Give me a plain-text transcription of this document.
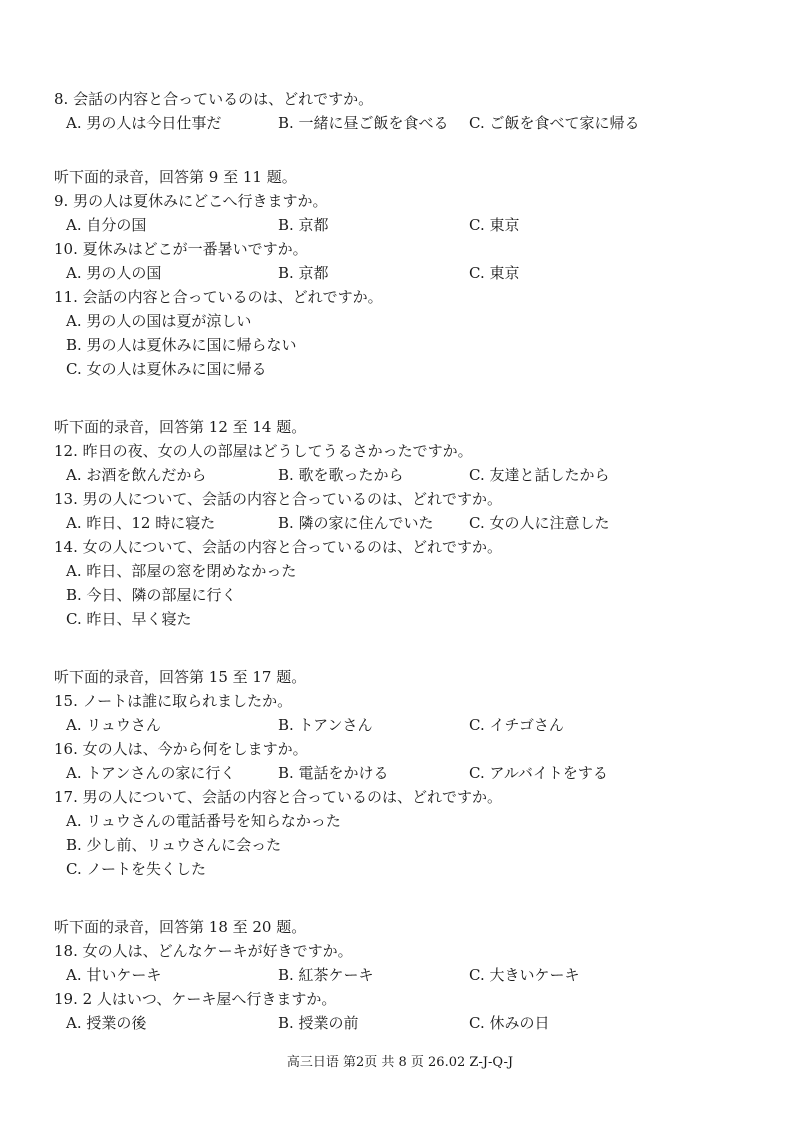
8. 会話の内容と合っているのは、どれですか。
A. 男の人は今日仕事だ	B. 一緒に昼ご飯を食べる C. ご飯を食べて家に帰る
听下面的录音，回答第 9 至 11 题。
9. 男の人は夏休みにどこへ行きますか。
A. 自分の国	B. 京都	C. 東京
10. 夏休みはどこが一番暑いですか。
A. 男の人の国	B. 京都	C. 東京
11. 会話の内容と合っているのは、どれですか。
A. 男の人の国は夏が涼しい
B. 男の人は夏休みに国に帰らない
C. 女の人は夏休みに国に帰る
听下面的录音，回答第 12 至 14 题。
12. 昨日の夜、女の人の部屋はどうしてうるさかったですか。
A. お酒を飲んだから	B. 歌を歌ったから	C. 友達と話したから
13. 男の人について、会話の内容と合っているのは、どれですか。
A. 昨日、12 時に寝た	B. 隣の家に住んでいた C. 女の人に注意した
14. 女の人について、会話の内容と合っているのは、どれですか。
A. 昨日、部屋の窓を閉めなかった
B. 今日、隣の部屋に行く
C. 昨日、早く寝た
听下面的录音，回答第 15 至 17 题。
15. ノートは誰に取られましたか。
A. リュウさん	B. トアンさん	C. イチゴさん
16. 女の人は、今から何をしますか。
A. トアンさんの家に行く	B. 電話をかける	C. アルバイトをする
17. 男の人について、会話の内容と合っているのは、どれですか。
A. リュウさんの電話番号を知らなかった
B. 少し前、リュウさんに会った
C. ノートを失くした
听下面的录音，回答第 18 至 20 题。
18. 女の人は、どんなケーキが好きですか。
A. 甘いケーキ	B. 紅茶ケーキ	C. 大きいケーキ
19. 2 人はいつ、ケーキ屋へ行きますか。
A. 授業の後	B. 授業の前	C. 休みの日
高三日语 第2页 共 8 页 26.02 Z-J-Q-J
